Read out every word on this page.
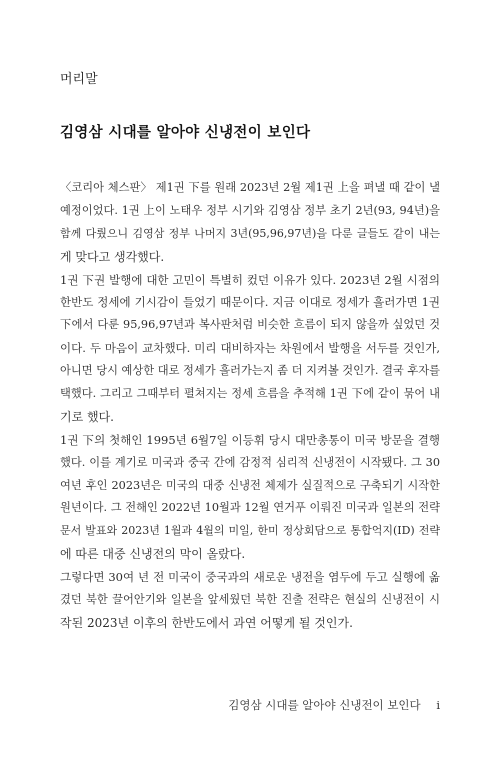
머리말
김영삼 시대를 알아야 신냉전이 보인다
〈코리아 체스판〉 제1권 下를 원래 2023년 2월 제1권 上을 펴낼 때 같이 낼
예정이었다. 1권 上이 노태우 정부 시기와 김영삼 정부 초기 2년(93, 94년)을
함께 다뤘으니 김영삼 정부 나머지 3년(95,96,97년)을 다룬 글들도 같이 내는
게 맞다고 생각했다.
1권 下권 발행에 대한 고민이 특별히 컸던 이유가 있다. 2023년 2월 시점의
한반도 정세에 기시감이 들었기 때문이다. 지금 이대로 정세가 흘러가면 1권
下에서 다룬 95,96,97년과 복사판처럼 비슷한 흐름이 되지 않을까 싶었던 것
이다. 두 마음이 교차했다. 미리 대비하자는 차원에서 발행을 서두를 것인가,
아니면 당시 예상한 대로 정세가 흘러가는지 좀 더 지켜볼 것인가. 결국 후자를
택했다. 그리고 그때부터 펼쳐지는 정세 흐름을 추적해 1권 下에 같이 묶어 내
기로 했다.
1권 下의 첫해인 1995년 6월7일 이등휘 당시 대만총통이 미국 방문을 결행
했다. 이를 계기로 미국과 중국 간에 감정적 심리적 신냉전이 시작됐다. 그 30
여년 후인 2023년은 미국의 대중 신냉전 체제가 실질적으로 구축되기 시작한
원년이다. 그 전해인 2022년 10월과 12월 연거푸 이뤄진 미국과 일본의 전략
문서 발표와 2023년 1월과 4월의 미일, 한미 정상회담으로 통합억지(ID) 전략
에 따른 대중 신냉전의 막이 올랐다.
그렇다면 30여 년 전 미국이 중국과의 새로운 냉전을 염두에 두고 실행에 옮
겼던 북한 끌어안기와 일본을 앞세웠던 북한 진출 전략은 현실의 신냉전이 시
작된 2023년 이후의 한반도에서 과연 어떻게 될 것인가.
김영삼 시대를 알아야 신냉전이 보인다 i
